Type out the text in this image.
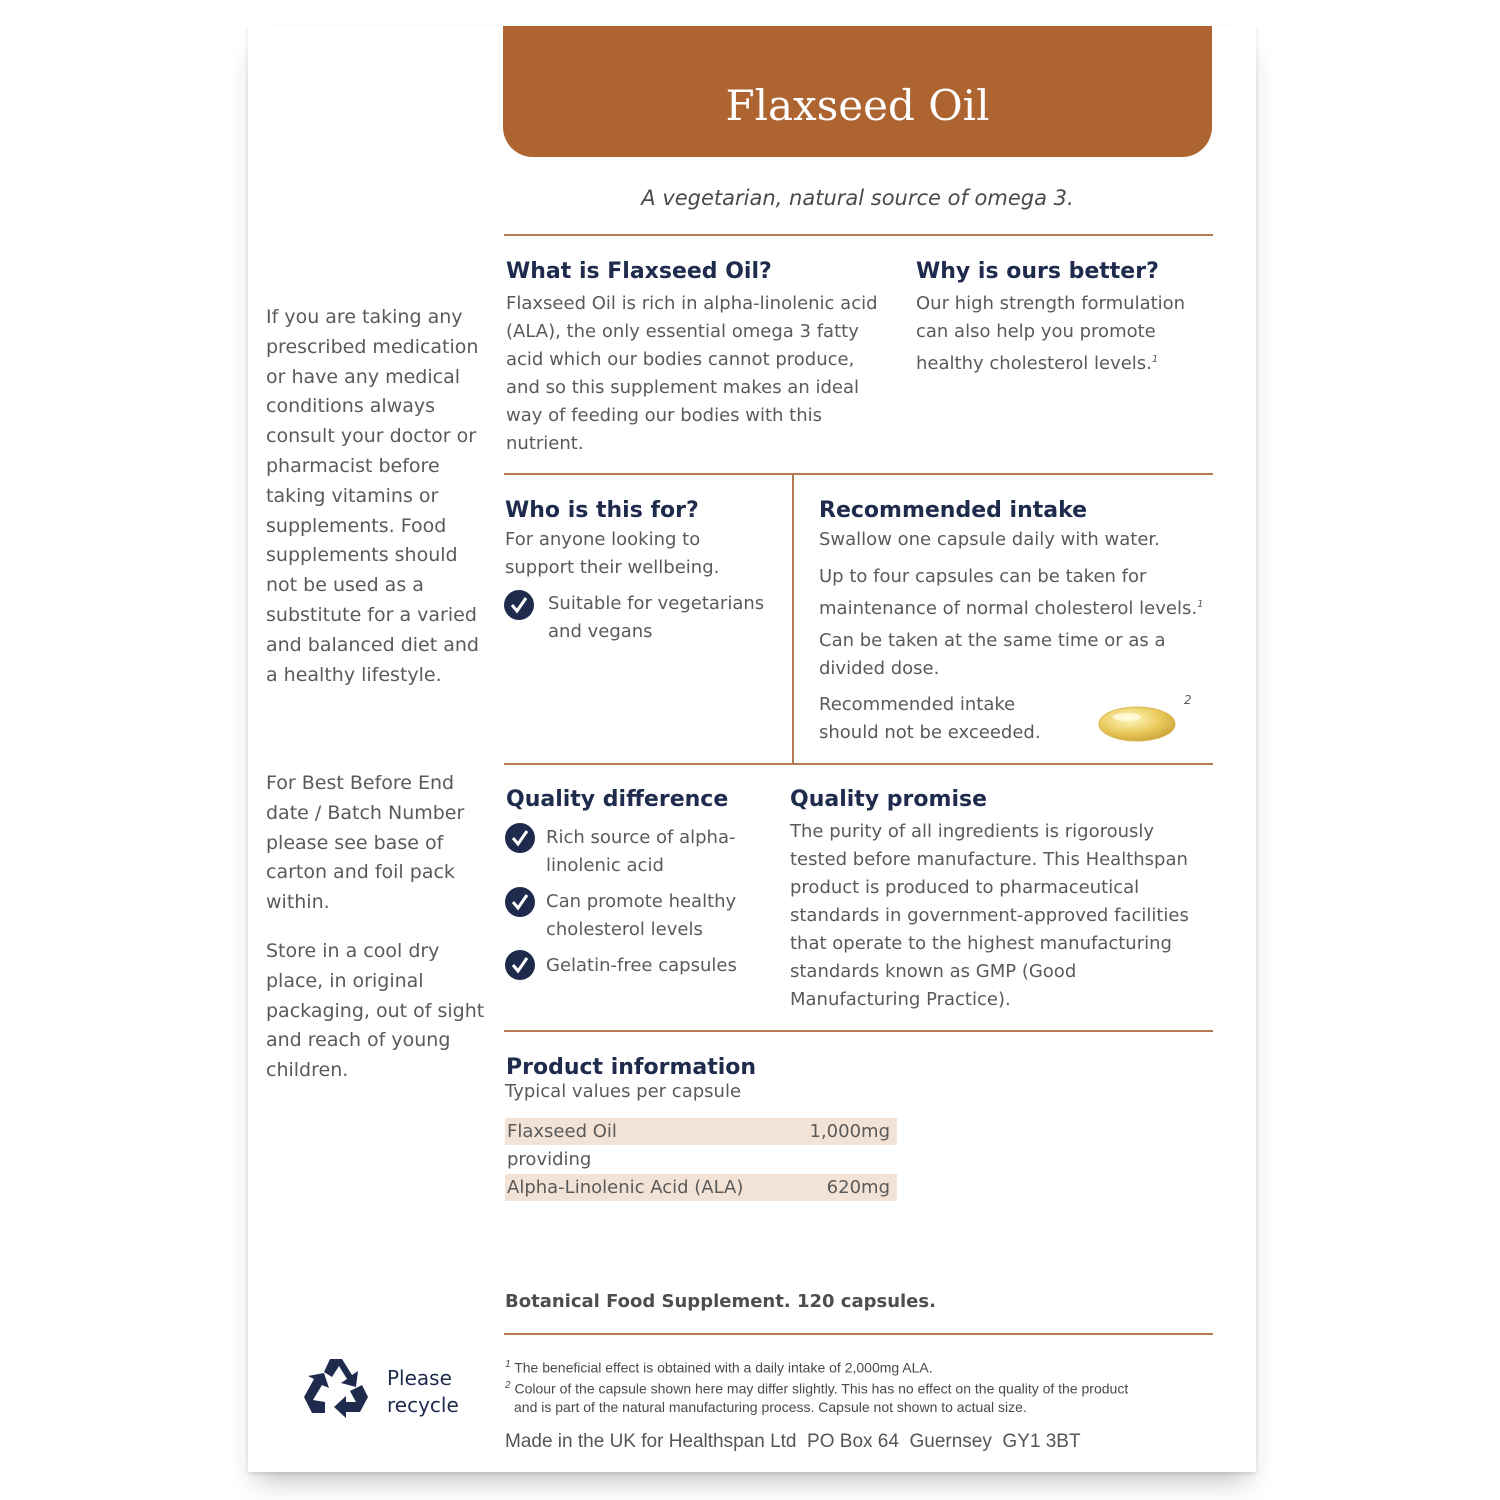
Flaxseed Oil
A vegetarian, natural source of omega 3.
If you are taking any prescribed medication or have any medical conditions always consult your doctor or pharmacist before taking vitamins or supplements. Food supplements should not be used as a substitute for a varied and balanced diet and a healthy lifestyle.
For Best Before End date / Batch Number please see base of carton and foil pack within.
Store in a cool dry place, in original packaging, out of sight and reach of young children.
What is Flaxseed Oil?
Flaxseed Oil is rich in alpha-linolenic acid (ALA), the only essential omega 3 fatty acid which our bodies cannot produce, and so this supplement makes an ideal way of feeding our bodies with this nutrient.
Why is ours better?
Our high strength formulation can also help you promote healthy cholesterol levels.$^1$
Who is this for?
For anyone looking to support their wellbeing.
Suitable for vegetarians and vegans
Recommended intake
Swallow one capsule daily with water.
Up to four capsules can be taken for maintenance of normal cholesterol levels.$^1$
Can be taken at the same time or as a divided dose.
Recommended intake should not be exceeded.
2
Quality difference
Rich source of alpha-linolenic acid
Can promote healthy cholesterol levels
Gelatin-free capsules
Quality promise
The purity of all ingredients is rigorously tested before manufacture. This Healthspan product is produced to pharmaceutical standards in government-approved facilities that operate to the highest manufacturing standards known as GMP (Good Manufacturing Practice).
Product information
Typical values per capsule
Flaxseed Oil	1,000mg
providing
Alpha-Linolenic Acid (ALA)	620mg
Botanical Food Supplement. 120 capsules.
$^1$ The beneficial effect is obtained with a daily intake of 2,000mg ALA.
$^2$ Colour of the capsule shown here may differ slightly. This has no effect on the quality of the product and is part of the natural manufacturing process. Capsule not shown to actual size.
Please
recycle
Made in the UK for Healthspan Ltd  PO Box 64  Guernsey  GY1 3BT
